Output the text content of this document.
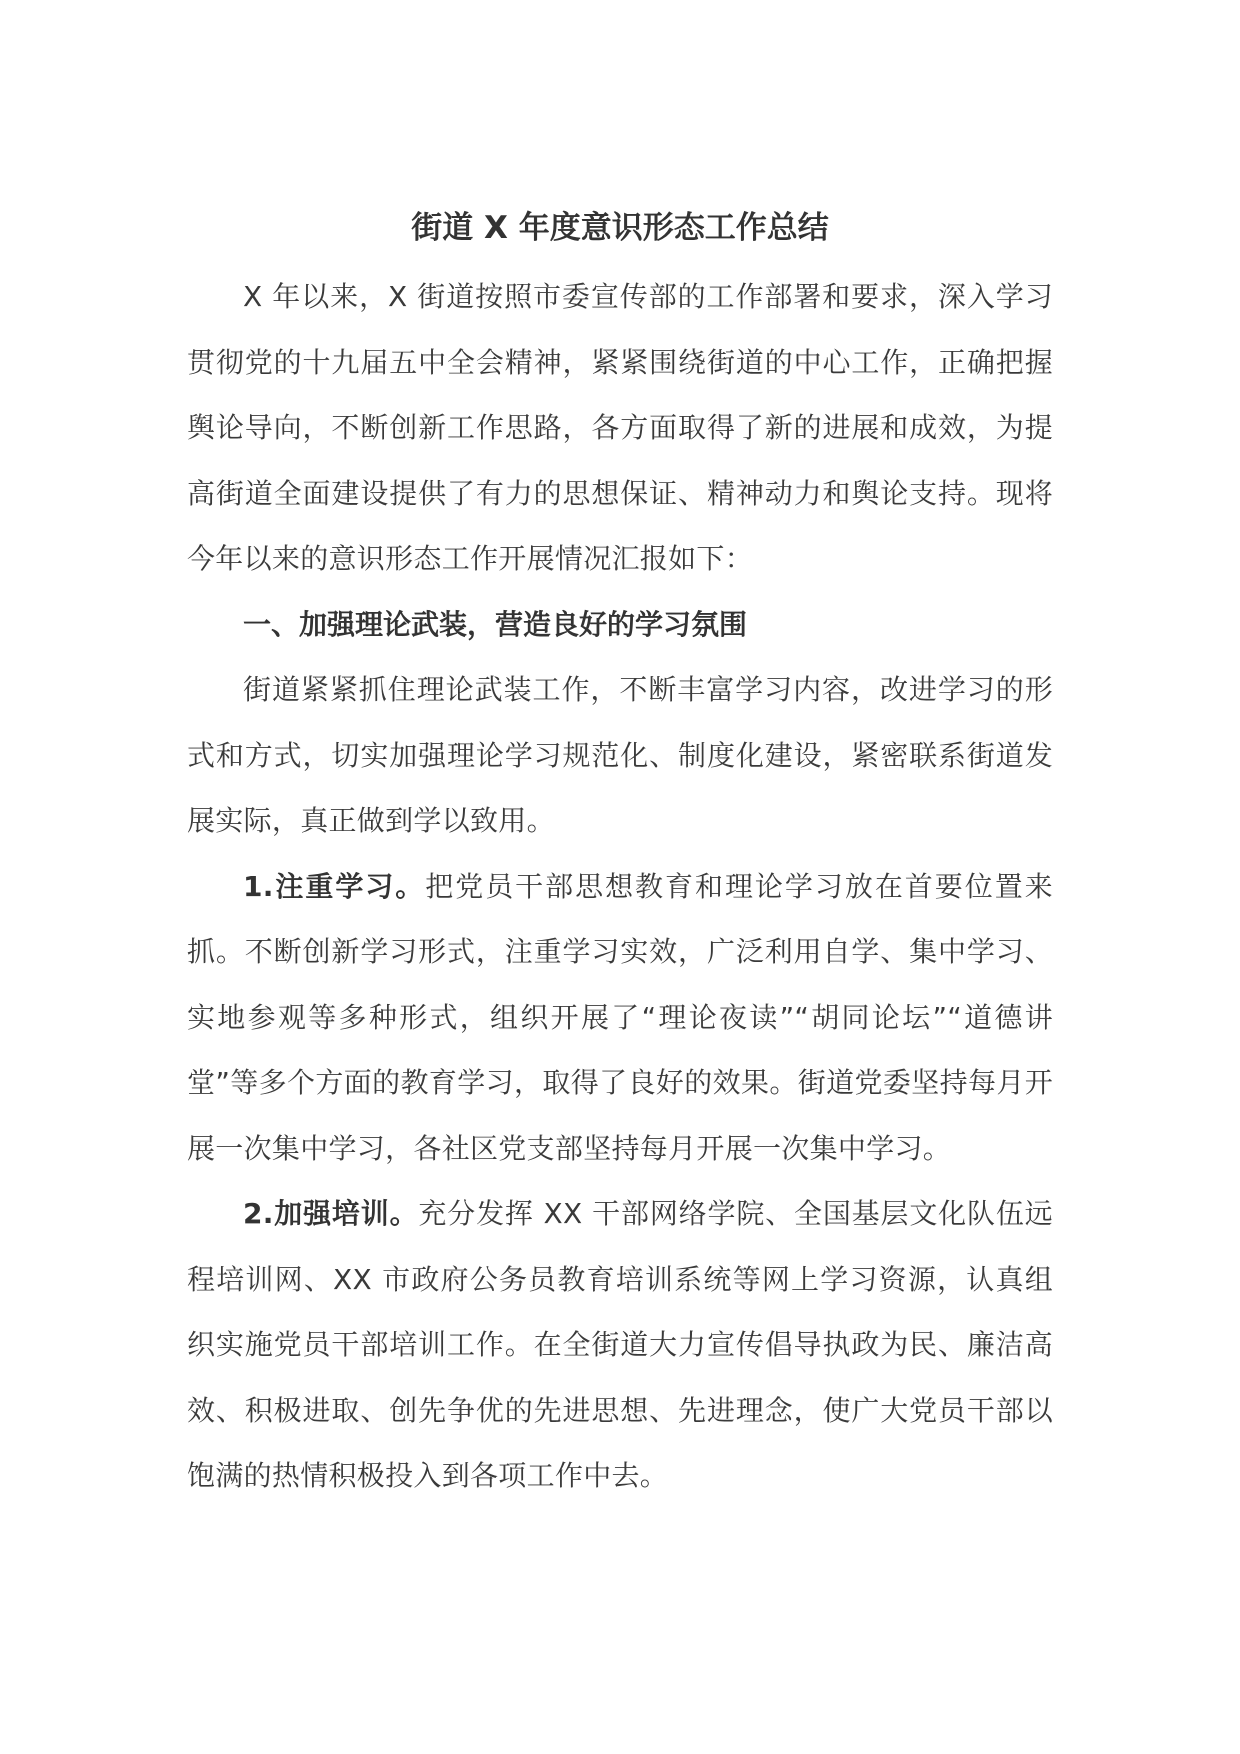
街道 X 年度意识形态工作总结

X 年以来，X 街道按照市委宣传部的工作部署和要求，深入学习贯彻党的十九届五中全会精神，紧紧围绕街道的中心工作，正确把握舆论导向，不断创新工作思路，各方面取得了新的进展和成效，为提高街道全面建设提供了有力的思想保证、精神动力和舆论支持。现将今年以来的意识形态工作开展情况汇报如下：

一、加强理论武装，营造良好的学习氛围

街道紧紧抓住理论武装工作，不断丰富学习内容，改进学习的形式和方式，切实加强理论学习规范化、制度化建设，紧密联系街道发展实际，真正做到学以致用。

1.注重学习。把党员干部思想教育和理论学习放在首要位置来抓。不断创新学习形式，注重学习实效，广泛利用自学、集中学习、实地参观等多种形式，组织开展了“理论夜读”“胡同论坛”“道德讲堂”等多个方面的教育学习，取得了良好的效果。街道党委坚持每月开展一次集中学习，各社区党支部坚持每月开展一次集中学习。

2.加强培训。充分发挥 XX 干部网络学院、全国基层文化队伍远程培训网、XX 市政府公务员教育培训系统等网上学习资源，认真组织实施党员干部培训工作。在全街道大力宣传倡导执政为民、廉洁高效、积极进取、创先争优的先进思想、先进理念，使广大党员干部以饱满的热情积极投入到各项工作中去。
